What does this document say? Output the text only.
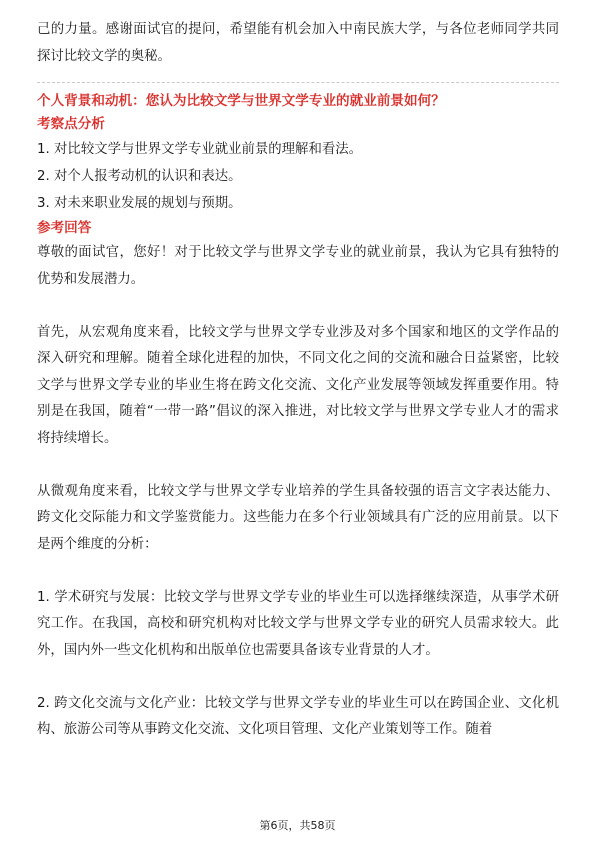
己的力量。感谢面试官的提问，希望能有机会加入中南民族大学，与各位老师同学共同探讨比较文学的奥秘。

个人背景和动机：您认为比较文学与世界文学专业的就业前景如何？
考察点分析
1. 对比较文学与世界文学专业就业前景的理解和看法。
2. 对个人报考动机的认识和表达。
3. 对未来职业发展的规划与预期。
参考回答

尊敬的面试官，您好！对于比较文学与世界文学专业的就业前景，我认为它具有独特的优势和发展潜力。

首先，从宏观角度来看，比较文学与世界文学专业涉及对多个国家和地区的文学作品的深入研究和理解。随着全球化进程的加快，不同文化之间的交流和融合日益紧密，比较文学与世界文学专业的毕业生将在跨文化交流、文化产业发展等领域发挥重要作用。特别是在我国，随着“一带一路”倡议的深入推进，对比较文学与世界文学专业人才的需求将持续增长。

从微观角度来看，比较文学与世界文学专业培养的学生具备较强的语言文字表达能力、跨文化交际能力和文学鉴赏能力。这些能力在多个行业领域具有广泛的应用前景。以下是两个维度的分析：

1. 学术研究与发展：比较文学与世界文学专业的毕业生可以选择继续深造，从事学术研究工作。在我国，高校和研究机构对比较文学与世界文学专业的研究人员需求较大。此外，国内外一些文化机构和出版单位也需要具备该专业背景的人才。

2. 跨文化交流与文化产业：比较文学与世界文学专业的毕业生可以在跨国企业、文化机构、旅游公司等从事跨文化交流、文化项目管理、文化产业策划等工作。随着

第6页，共58页
